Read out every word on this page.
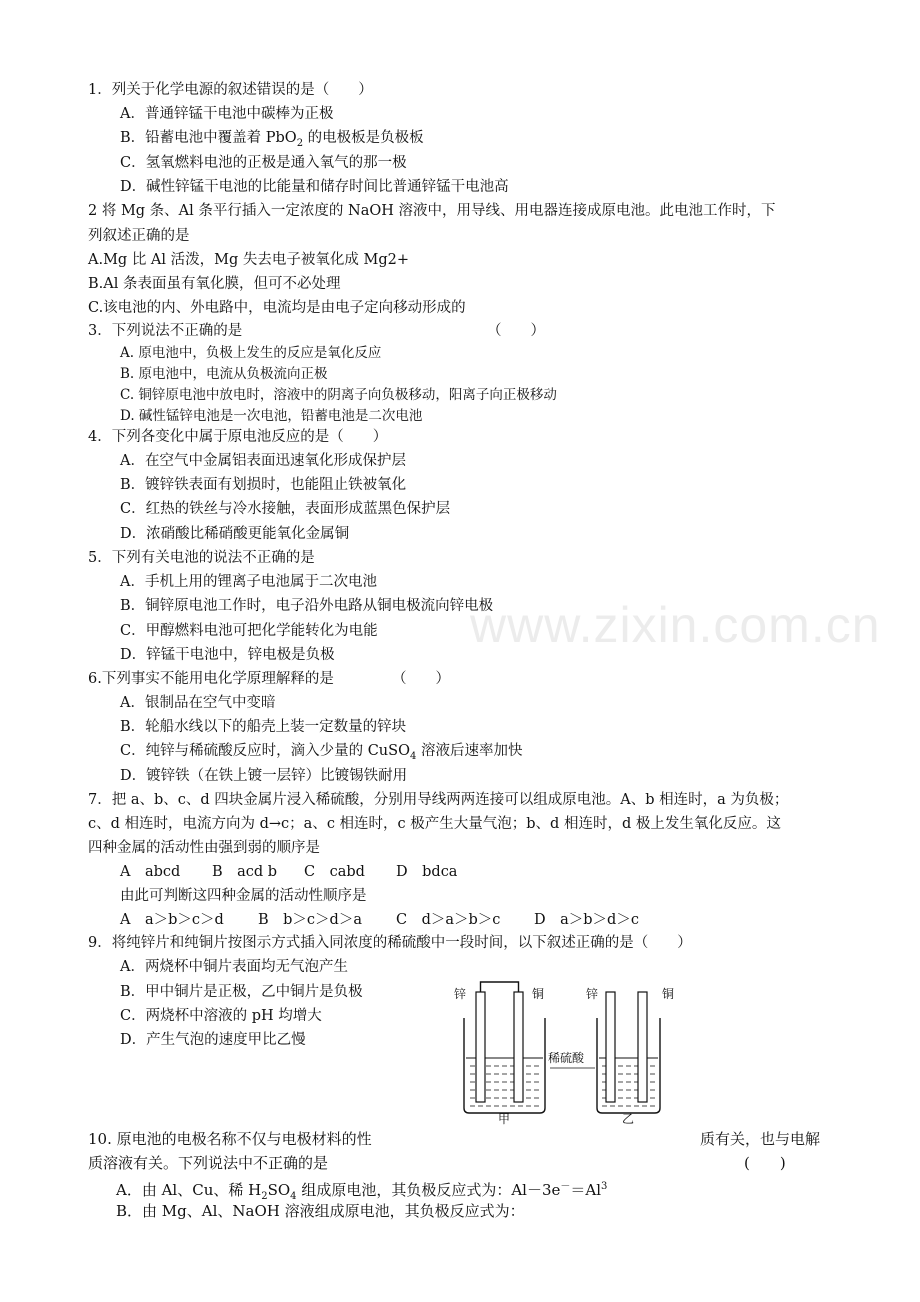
www.zixin.com.cn
1．列关于化学电源的叙述错误的是（　　）
A．普通锌锰干电池中碳棒为正极
B．铅蓄电池中覆盖着 PbO$_2$ 的电极板是负极板
C．氢氧燃料电池的正极是通入氧气的那一极
D．碱性锌锰干电池的比能量和储存时间比普通锌锰干电池高
2 将 Mg 条、Al 条平行插入一定浓度的 NaOH 溶液中，用导线、用电器连接成原电池。此电池工作时，下
列叙述正确的是
A.Mg 比 Al 活泼，Mg 失去电子被氧化成 Mg2+
B.Al 条表面虽有氧化膜，但可不必处理
C.该电池的内、外电路中，电流均是由电子定向移动形成的
3．下列说法不正确的是	（　　）
A. 原电池中，负极上发生的反应是氧化反应
B. 原电池中，电流从负极流向正极
C. 铜锌原电池中放电时，溶液中的阴离子向负极移动，阳离子向正极移动
D. 碱性锰锌电池是一次电池，铅蓄电池是二次电池
4．下列各变化中属于原电池反应的是（　　）
A．在空气中金属铝表面迅速氧化形成保护层
B．镀锌铁表面有划损时，也能阻止铁被氧化
C．红热的铁丝与冷水接触，表面形成蓝黑色保护层
D．浓硝酸比稀硝酸更能氧化金属铜
5．下列有关电池的说法不正确的是
A．手机上用的锂离子电池属于二次电池
B．铜锌原电池工作时，电子沿外电路从铜电极流向锌电极
C．甲醇燃料电池可把化学能转化为电能
D．锌锰干电池中，锌电极是负极
6.下列事实不能用电化学原理解释的是	（　　）
A．银制品在空气中变暗
B．轮船水线以下的船壳上装一定数量的锌块
C．纯锌与稀硫酸反应时，滴入少量的 CuSO$_4$ 溶液后速率加快
D．镀锌铁（在铁上镀一层锌）比镀锡铁耐用
7．把 a、b、c、d 四块金属片浸入稀硫酸，分别用导线两两连接可以组成原电池。A、b 相连时，a 为负极；
c、d 相连时，电流方向为 d→c；a、c 相连时，c 极产生大量气泡；b、d 相连时，d 极上发生氧化反应。这
四种金属的活动性由强到弱的顺序是
A　abcd B　acd b C　cabd D　bdca
由此可判断这四种金属的活动性顺序是
A　a＞b＞c＞d B　b＞c＞d＞a C　d＞a＞b＞c D　a＞b＞d＞c
9．将纯锌片和纯铜片按图示方式插入同浓度的稀硫酸中一段时间，以下叙述正确的是（　　）
A．两烧杯中铜片表面均无气泡产生
B．甲中铜片是正极，乙中铜片是负极
C．两烧杯中溶液的 pH 均增大
D．产生气泡的速度甲比乙慢
锌	铜
甲
稀硫酸
锌	铜
乙
10. 原电池的电极名称不仅与电极材料的性	质有关，也与电解
质溶液有关。下列说法中不正确的是	(　　)
A．由 Al、Cu、稀 $H_2SO_4$ 组成原电池，其负极反应式为：$Al-3e^-=Al^3$
B．由 Mg、Al、NaOH 溶液组成原电池，其负极反应式为：
